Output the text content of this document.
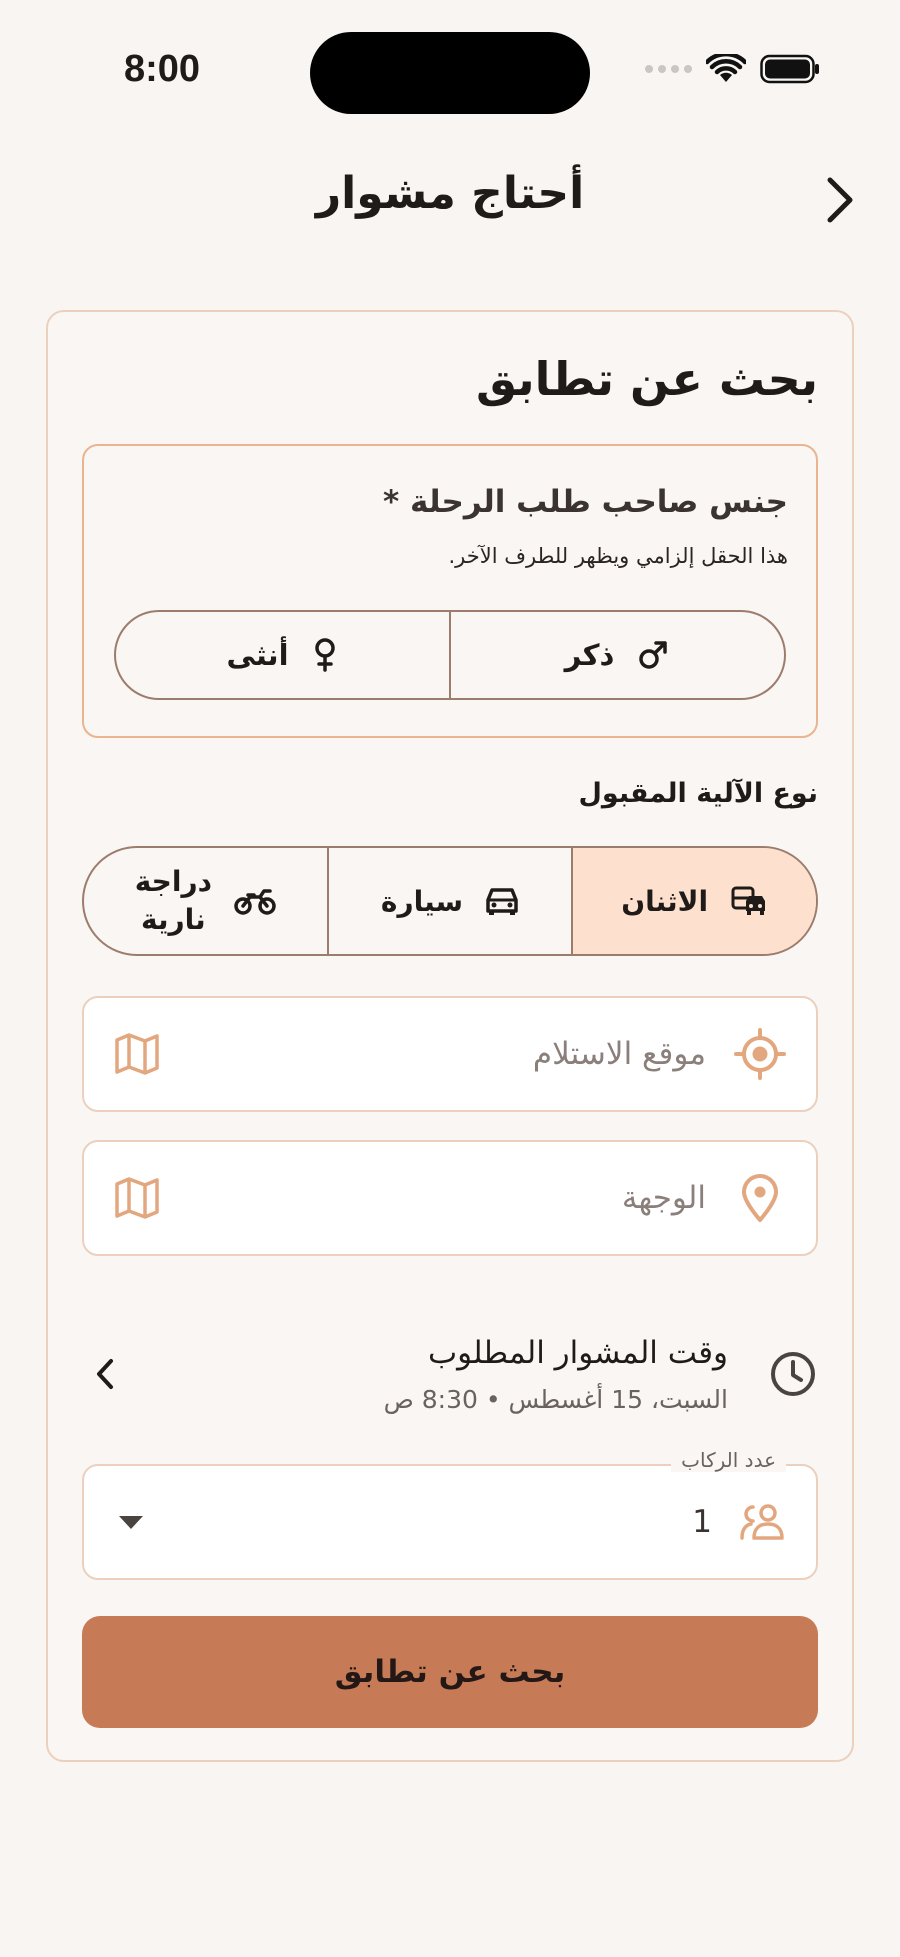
8:00
أحتاج مشوار
بحث عن تطابق
جنس صاحب طلب الرحلة *
هذا الحقل إلزامي ويظهر للطرف الآخر.
ذكر
أنثى
نوع الآلية المقبول
الاثنان
سيارة
دراجة
نارية
موقع الاستلام
الوجهة
وقت المشوار المطلوب
السبت، 15 أغسطس • 8:30 ص
عدد الركاب
1
بحث عن تطابق
